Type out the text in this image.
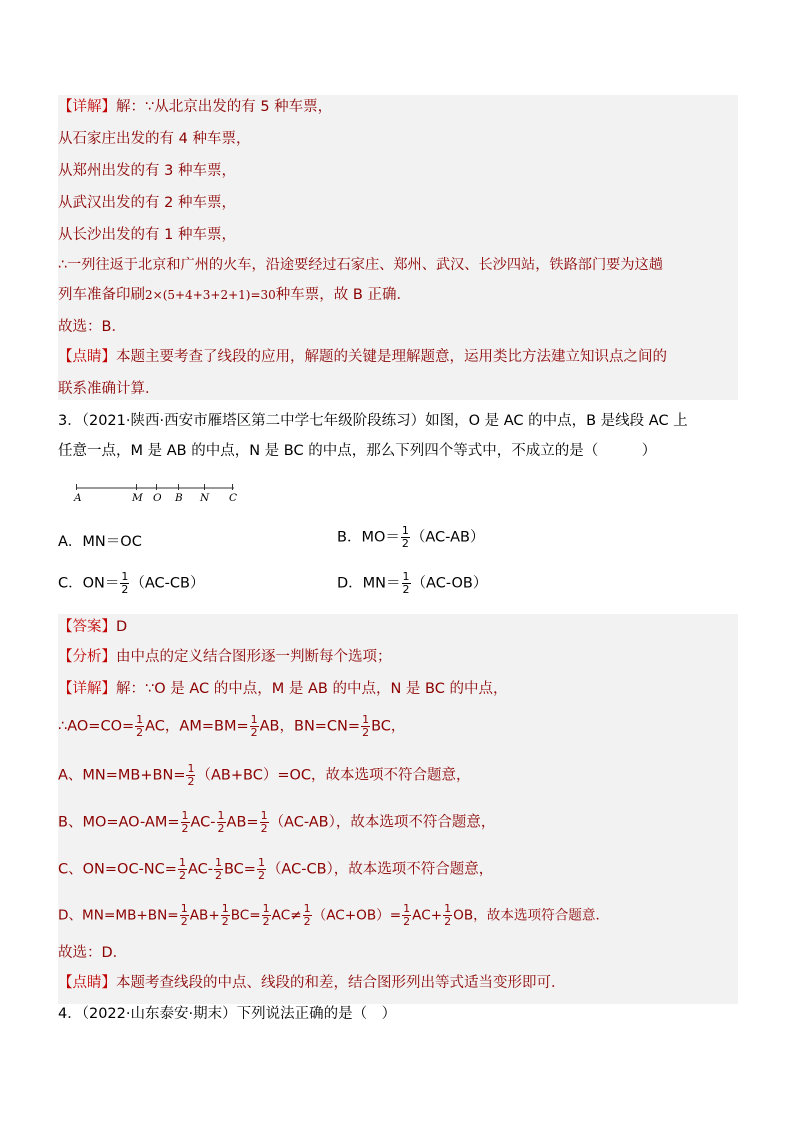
【详解】解：∵从北京出发的有 5 种车票，
从石家庄出发的有 4 种车票，
从郑州出发的有 3 种车票，
从武汉出发的有 2 种车票，
从长沙出发的有 1 种车票，
∴一列往返于北京和广州的火车，沿途要经过石家庄、郑州、武汉、长沙四站，铁路部门要为这趟
列车准备印刷2×(5+4+3+2+1)=30种车票，故 B 正确．
故选：B．
【点睛】本题主要考查了线段的应用，解题的关键是理解题意，运用类比方法建立知识点之间的
联系准确计算．
3．（2021·陕西·西安市雁塔区第二中学七年级阶段练习）如图，O 是 AC 的中点，B 是线段 AC 上
任意一点，M 是 AB 的中点，N 是 BC 的中点，那么下列四个等式中，不成立的是（　　　）
A	M O B N C
A．MN＝OC	B．$MO= \frac{1}{2} (AC-AB)$
C．$ON= \frac{1}{2} (AC-CB)$	D．$MN= \frac{1}{2} (AC-OB)$
【答案】D
【分析】由中点的定义结合图形逐一判断每个选项；
【详解】解：∵O 是 AC 的中点，M 是 AB 的中点，N 是 BC 的中点，
∴AO=CO= $\frac{1}{2}$ AC，$AM=BM= \frac{1}{2}$ AB，$BN=CN= \frac{1}{2}$ BC，
A、$MN=MB+BN= \frac{1}{2} (AB+BC)=OC$，故本选项不符合题意，
B、$MO=AO-AM= \frac{1}{2} AC- \frac{1}{2} AB= \frac{1}{2} (AC-AB)$，故本选项不符合题意，
C、$ON=OC-NC= \frac{1}{2} AC- \frac{1}{2} BC= \frac{1}{2} (AC-CB)$，故本选项不符合题意，
D、$MN=MB+BN= \frac{1}{2} AB+ \frac{1}{2} BC= \frac{1}{2} AC\ne \frac{1}{2} (AC+OB)= \frac{1}{2} AC+ \frac{1}{2}$ OB，故本选项符合题意．
故选：D．
【点睛】本题考查线段的中点、线段的和差，结合图形列出等式适当变形即可．
4．（2022·山东泰安·期末）下列说法正确的是（　）
